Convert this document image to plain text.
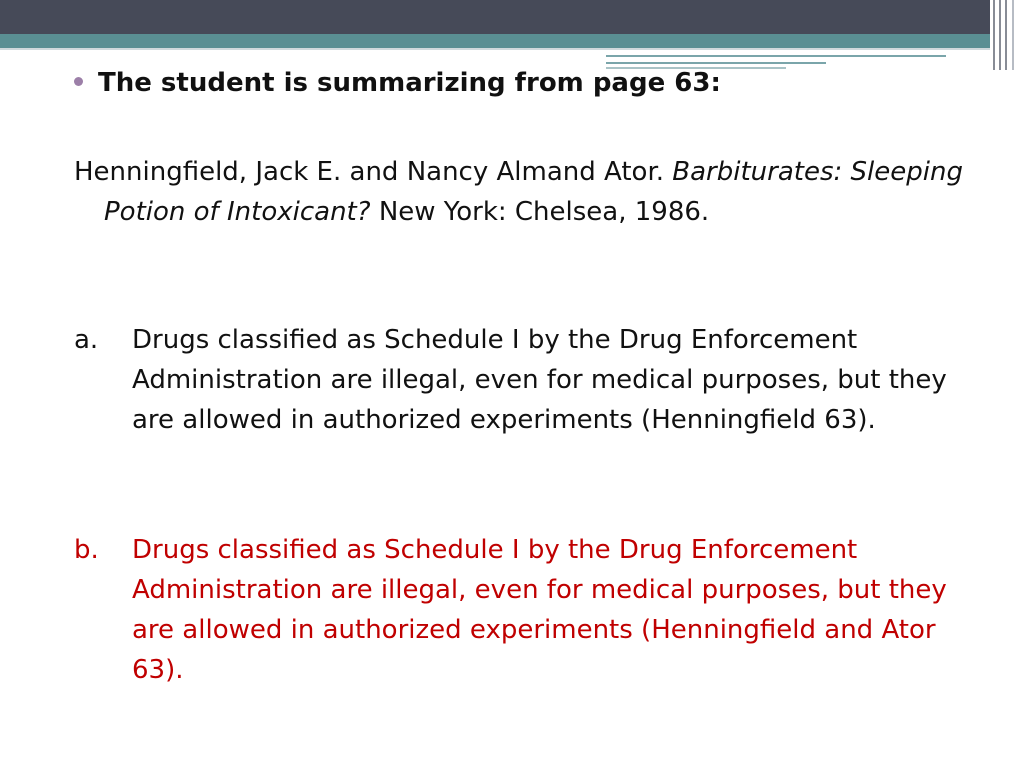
The student is summarizing from page 63:
Henningfield, Jack E. and Nancy Almand Ator. Barbiturates: Sleeping Potion of Intoxicant? New York: Chelsea, 1986.
a.	Drugs classified as Schedule I by the Drug Enforcement Administration are illegal, even for medical purposes, but they are allowed in authorized experiments (Henningfield 63).
b.	Drugs classified as Schedule I by the Drug Enforcement Administration are illegal, even for medical purposes, but they are allowed in authorized experiments (Henningfield and Ator 63).
